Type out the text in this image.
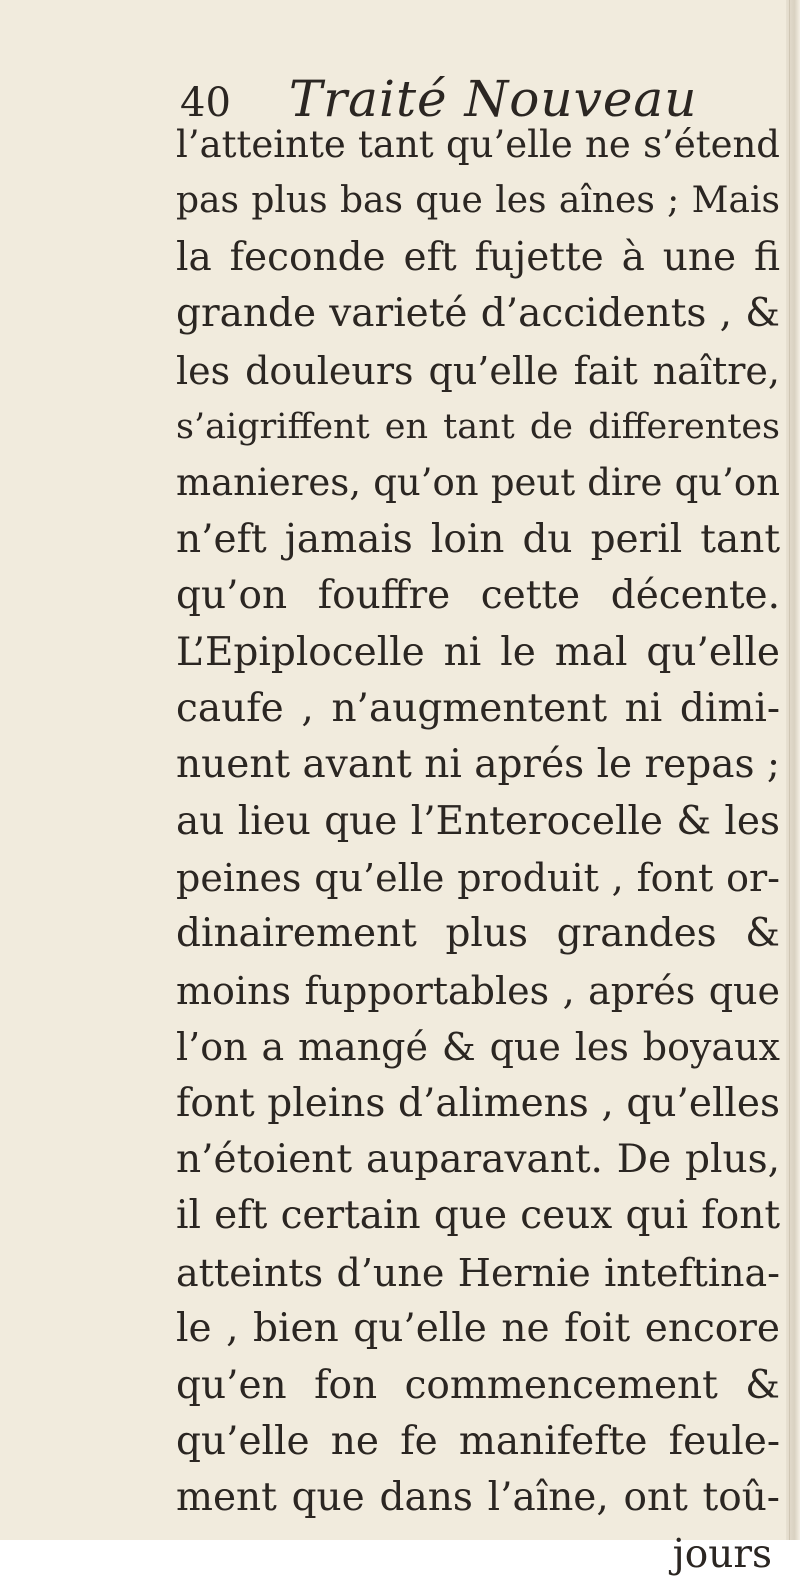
40 Traité Nouveau
l’atteinte tant qu’elle ne s’étend
pas plus bas que les aînes ; Mais
la feconde eft fujette à une fi
grande varieté d’accidents , &
les douleurs qu’elle fait naître,
s’aigriffent en tant de differentes
manieres, qu’on peut dire qu’on
n’eft jamais loin du peril tant
qu’on fouffre cette décente.
L’Epiplocelle ni le mal qu’elle
caufe , n’augmentent ni dimi-
nuent avant ni aprés le repas ;
au lieu que l’Enterocelle & les
peines qu’elle produit , font or-
dinairement plus grandes &
moins fupportables , aprés que
l’on a mangé & que les boyaux
font pleins d’alimens , qu’elles
n’étoient auparavant. De plus,
il eft certain que ceux qui font
atteints d’une Hernie inteftina-
le , bien qu’elle ne foit encore
qu’en fon commencement &
qu’elle ne fe manifefte feule-
ment que dans l’aîne, ont toû-
jours
